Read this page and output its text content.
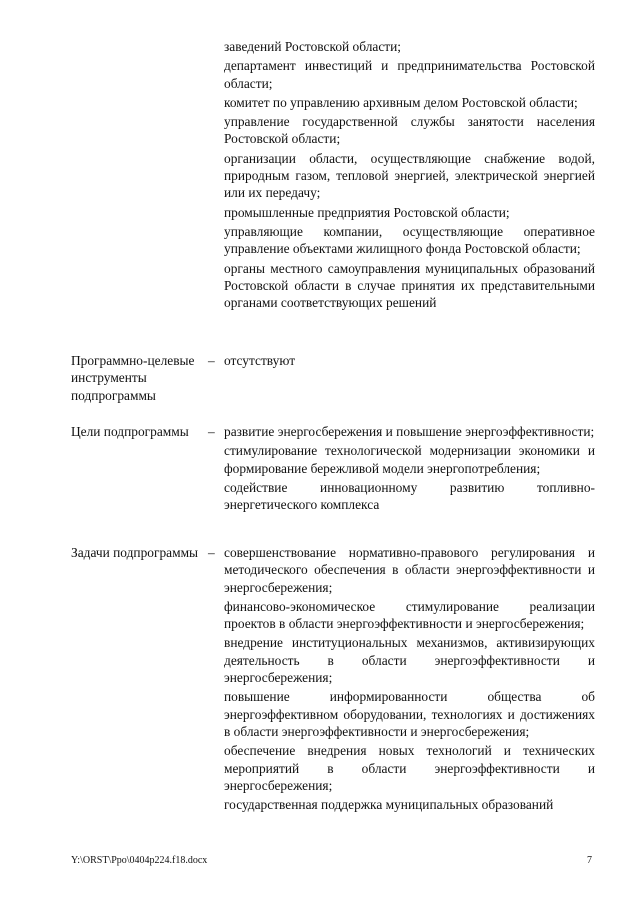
заведений Ростовской области;

департамент инвестиций и предпринимательства Ростовской области;

комитет по управлению архивным делом Ростовской области;

управление государственной службы занятости населения Ростовской области;

организации области, осуществляющие снабжение водой, природным газом, тепловой энергией, электрической энергией или их передачу;

промышленные предприятия Ростовской области;

управляющие компании, осуществляющие оперативное управление объектами жилищного фонда Ростовской области;

органы местного самоуправления муниципальных образований Ростовской области в случае принятия их представительными органами соответствующих решений

Программно-целевые инструменты подпрограммы
– отсутствуют

Цели подпрограммы	– развитие энергосбережения и повышение энергоэффективности;

стимулирование технологической модернизации экономики и формирование бережливой модели энергопотребления;

содействие инновационному развитию топливно-энергетического комплекса

Задачи подпрограммы – совершенствование нормативно-правового регулирования и методического обеспечения в области энергоэффективности и энергосбережения;

финансово-экономическое стимулирование реализации проектов в области энергоэффективности и энергосбережения;

внедрение институциональных механизмов, активизирующих деятельность в области энергоэффективности и энергосбережения;

повышение информированности общества об энергоэффективном оборудовании, технологиях и достижениях в области энергоэффективности и энергосбережения;

обеспечение внедрения новых технологий и технических мероприятий в области энергоэффективности и энергосбережения;

государственная поддержка муниципальных образований

Y:\ORST\Ppo\0404p224.f18.docx	7
